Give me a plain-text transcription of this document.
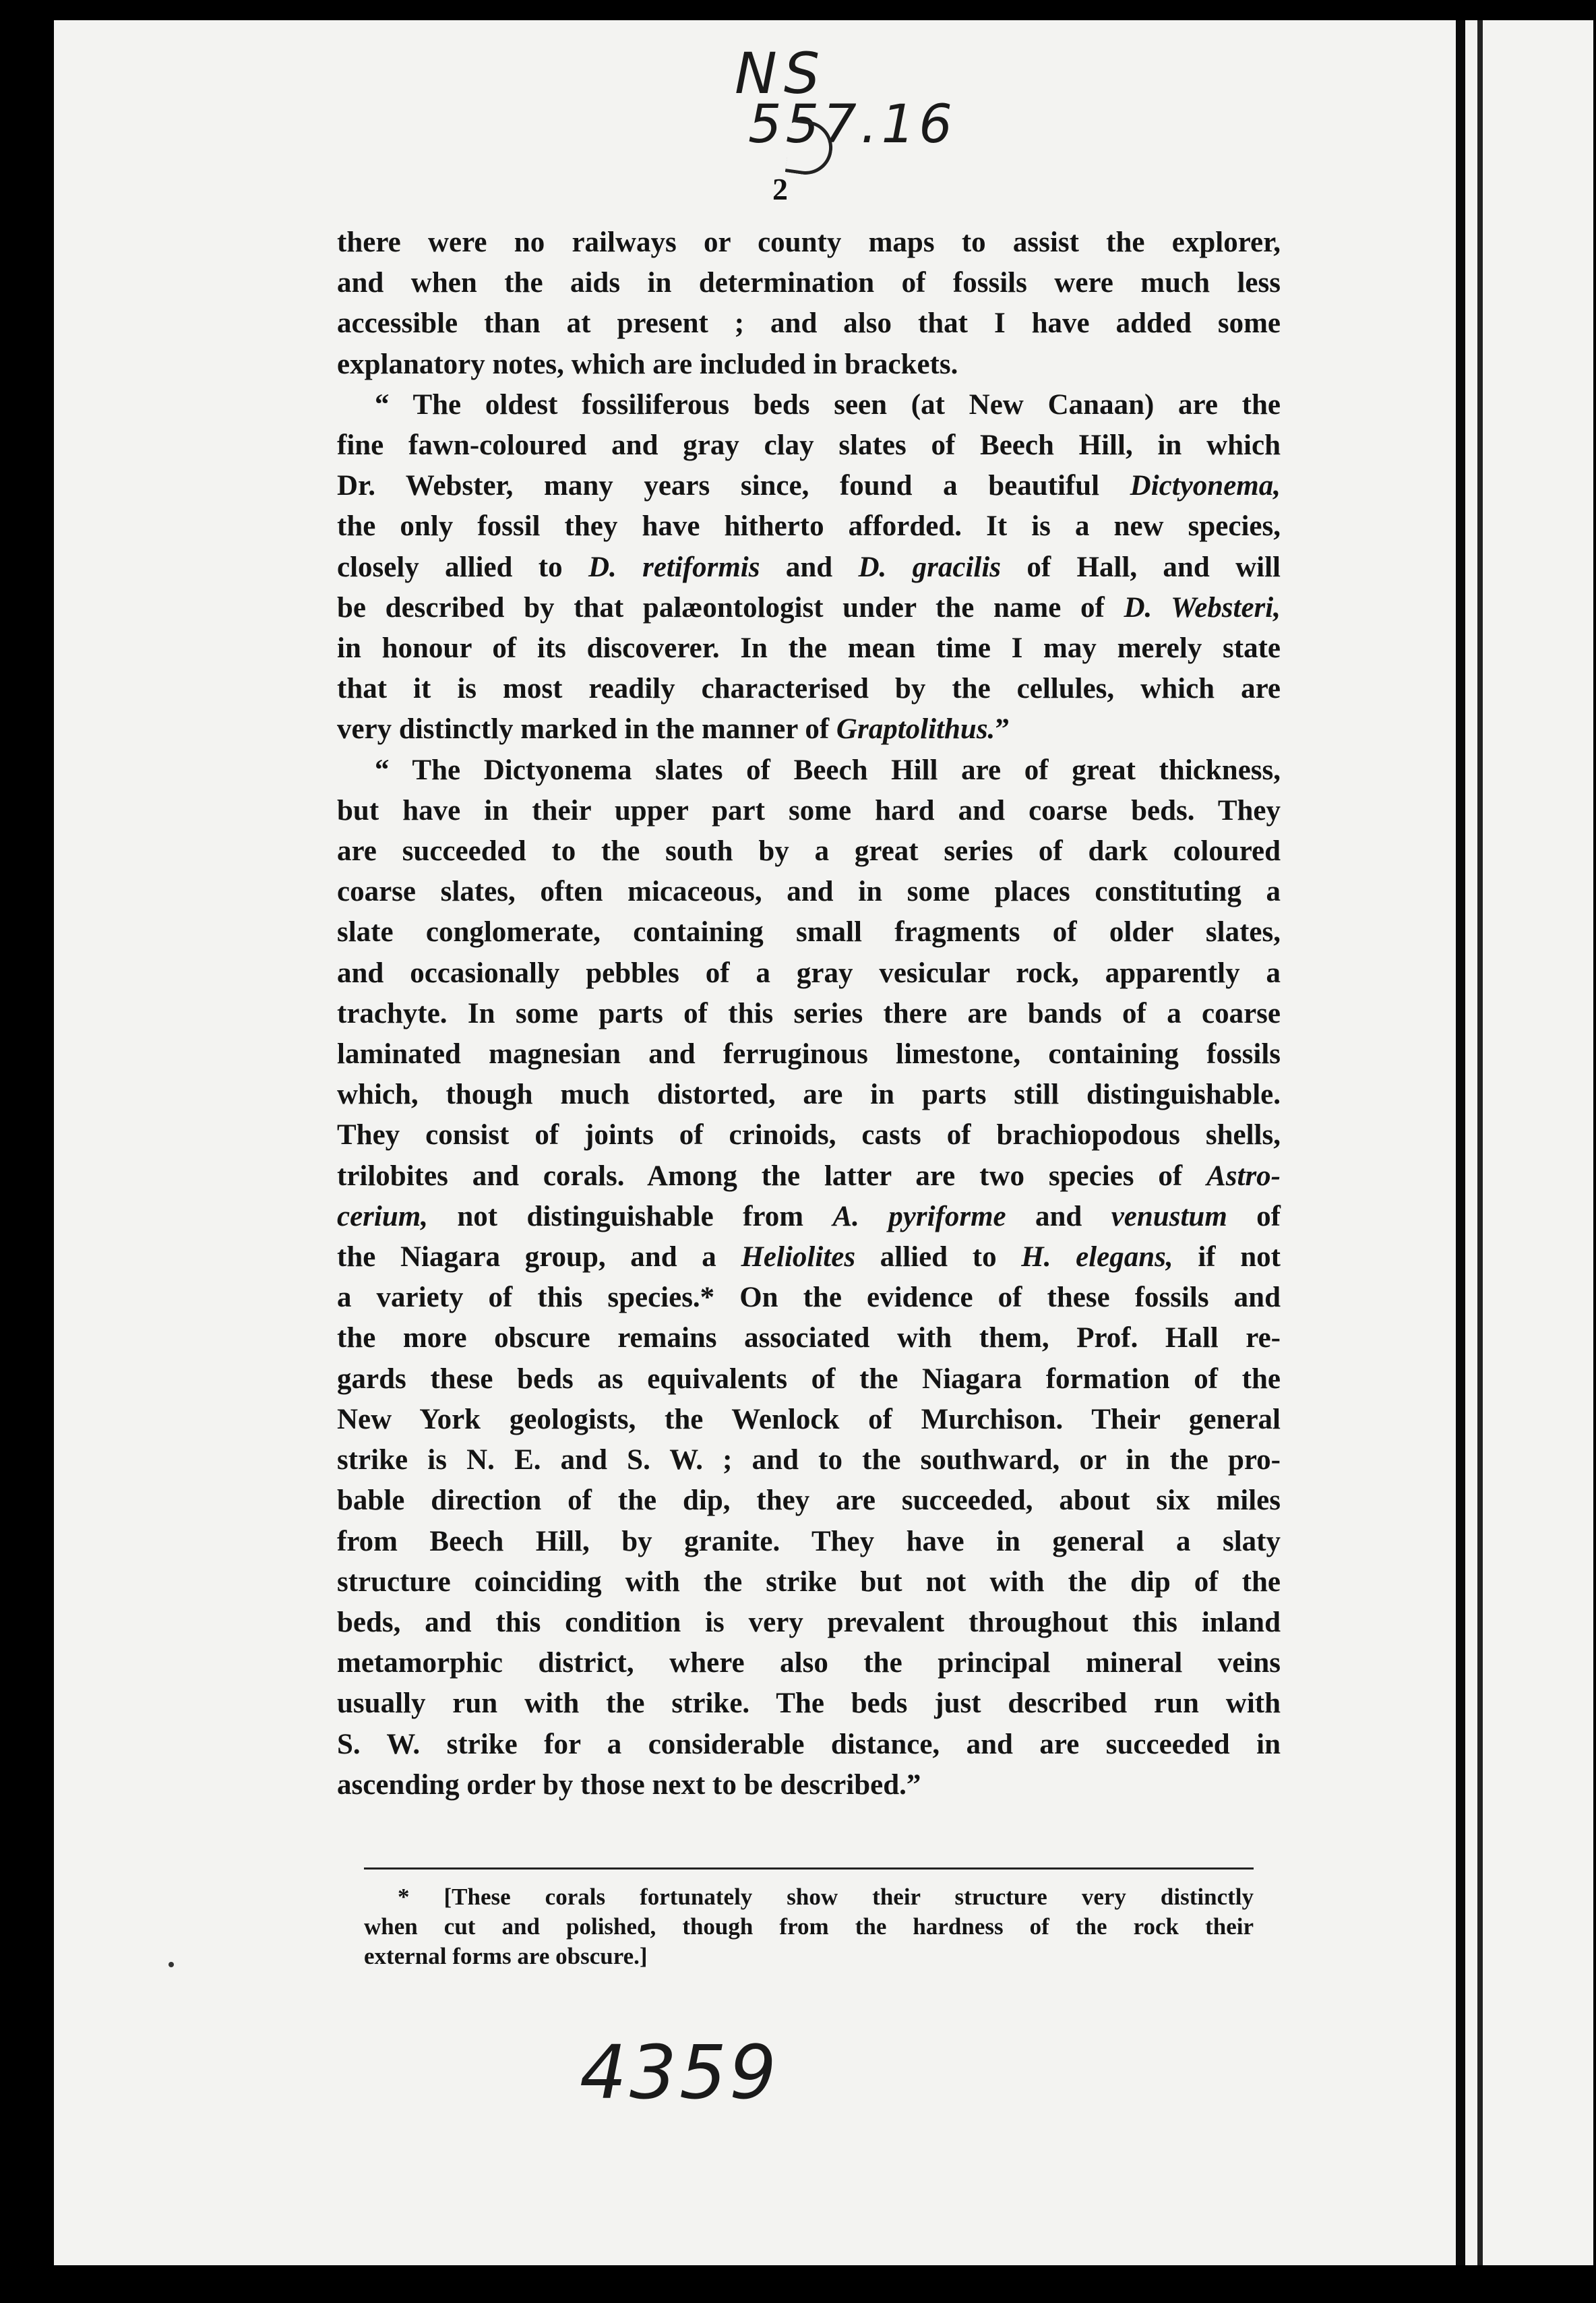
NS
557.16
2

there were no railways or county maps to assist the explorer,
and when the aids in determination of fossils were much less
accessible than at present ; and also that I have added some
explanatory notes, which are included in brackets.

“ The oldest fossiliferous beds seen (at New Canaan) are the
fine fawn-coloured and gray clay slates of Beech Hill, in which
Dr. Webster, many years since, found a beautiful Dictyonema,
the only fossil they have hitherto afforded. It is a new species,
closely allied to D. retiformis and D. gracilis of Hall, and will
be described by that palæontologist under the name of D. Websteri,
in honour of its discoverer. In the mean time I may merely state
that it is most readily characterised by the cellules, which are
very distinctly marked in the manner of Graptolithus.”

“ The Dictyonema slates of Beech Hill are of great thickness,
but have in their upper part some hard and coarse beds. They
are succeeded to the south by a great series of dark coloured
coarse slates, often micaceous, and in some places constituting a
slate conglomerate, containing small fragments of older slates,
and occasionally pebbles of a gray vesicular rock, apparently a
trachyte. In some parts of this series there are bands of a coarse
laminated magnesian and ferruginous limestone, containing fossils
which, though much distorted, are in parts still distinguishable.
They consist of joints of crinoids, casts of brachiopodous shells,
trilobites and corals. Among the latter are two species of Astro-
cerium, not distinguishable from A. pyriforme and venustum of
the Niagara group, and a Heliolites allied to H. elegans, if not
a variety of this species.* On the evidence of these fossils and
the more obscure remains associated with them, Prof. Hall re-
gards these beds as equivalents of the Niagara formation of the
New York geologists, the Wenlock of Murchison. Their general
strike is N. E. and S. W. ; and to the southward, or in the pro-
bable direction of the dip, they are succeeded, about six miles
from Beech Hill, by granite. They have in general a slaty
structure coinciding with the strike but not with the dip of the
beds, and this condition is very prevalent throughout this inland
metamorphic district, where also the principal mineral veins
usually run with the strike. The beds just described run with
S. W. strike for a considerable distance, and are succeeded in
ascending order by those next to be described.”

* [These corals fortunately show their structure very distinctly
when cut and polished, though from the hardness of the rock their
external forms are obscure.]
4359
